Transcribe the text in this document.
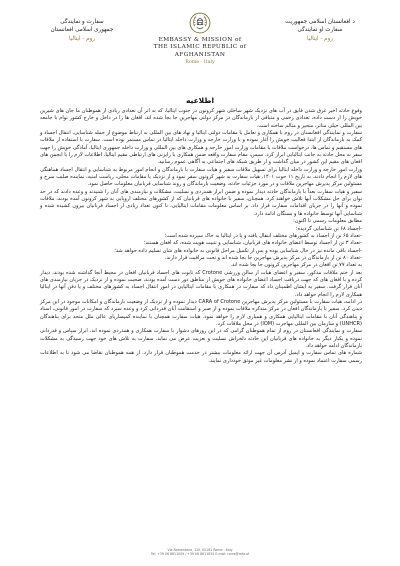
سفارت و نمایندگی
جمهوری اسلامی افغانستان
روم - ایتالیا	EMBASSY & MISSION of
THE ISLAMIC REPUBLIC of AFGHANISTAN
Rome - Italy
د افغانستان اسلامی جمهوریت
سفارت او نمایندگی
روم - ایتالیا
اطلاعیه

وقوع حادثه اخیر غرق شدن قایق در آب های نزدیک شهر ساحلی شهر کروتون در جنوب ایتالیا، که به اثر آن تعدادی زیادی از هموطنان ما جان های شیرین خویش را از دست داده، تعدادی زخمی و مثباقی از بازماندگان در مرکز دولتی مهاجرین جا بجا شده اند، افغان ها را در داخل و خارج کشور توام با جامعه بین المللی خیلی متاثر، متحیر و متالم ساخته است.

سفارت و نمایندگی افغانستان در روم با همکاری و تعامل با مقامات دولتی ایتالیا و نهاد های بین المللی به ارتباط موضوع از جمله شناسایی، انتقال اجساد و کمک به بازماندگان از ابتدا فعالیت خویش را آغاز نموده و با وزارت خارجه و وزارت داخله ایتالیا در تماس مستمر بوده است. سفارت با استفاده از ملاقات های مستقیم و تماس ها، درخواست ملاقات با مقامات وزارت امور خارجه و همکاری های بین المللی و وزارت داخله جمهوری ایتالیا، آمادگی خویش را جهت سفر به محل حادثه به جانب ایتالیایی ابراز کرد. سپس، مقام سفارت واقعه ضمن همکاری با رایزنی های ارتباطی مقیم ایتالیا، اطلاعات لازم را با انجمن های افغان های مقیم این کشور در میان گذاشت و از طریق شبکه های اجتماعی به آگاهی عموم رسانید.

وزارت امور خارجه و وزارت داخله ایتالیا برای تسهیل ملاقات سفیر و هیات سفارت با بازماندگان و انجام امور مربوط به شناسایی و انتقال اجساد هماهنگی های لازم را انجام دادند. به تاریخ ۱۱ حوت ۱۴۰۱، هیات سفارت به شهر کروتون سفر نمود و از نزدیک با مقامات محلی، ریاست امنیه، نماینده صلیب سرخ و مسئولین مرکز پذیرش مهاجرین ملاقات و در مورد جزئیات حادثه، وضعیت بازماندگان و روند شناسایی قربانیان معلومات حاصل نمود.

سفیر و هیات سفارت بعداً با بازماندگان حادثه دیدار نموده و ضمن ابراز همدردی و تسلیت، مشکلات و نیازمندی های آنان را شنیدند و وعده دادند که در حد توان برای حل مشکلات آنها تلاش خواهند کرد. همچنان، سفیر با خانواده های قربانیان که از کشورهای مختلف اروپایی به شهر کروتون آمده بودند، ملاقات نموده و آنها را در جریان اقدامات سفارت قرار داد. بر اساس معلومات مقامات ایتالیایی، تا کنون تعداد زیادی از اجساد قربانیان بیرون کشیده شده و شناسایی آنها توسط خانواده ها و بستگان ادامه دارد.

مطابق معلومات رسمی تا اکنون:

-اجساد ۶۸ تن شناسایی گردیده؛

-تعداد ۶۵ تن از اجساد به کشورهای مختلف انتقال یافته و یا در ایتالیا به خاک سپرده شده است؛

-تعداد ۳ تن از اجساد توسط اعضای خانواده های قربانیان، شناسایی و تثبیت هویت شده، که افغان هستند؛

-اجساد باقی مانده نیز در حال شناسایی بوده و پس از تکمیل مراحل قانونی به خانواده های شان تسلیم داده خواهد شد؛

-تعداد ۸۰ تن از بازماندگان در مرکز پذیرش مهاجرین جا بجا شده اند و تحت مراقبت قرار دارند.

به تعداد ۷۷ تن افغان در مرکز مهاجرین کروتون جا بجا شده اند.

بعد از ختم ملاقات مذکور، سفیر و اعضای هیات از سالن ورزشی Crotone که تابوت های اجساد قربانیان افغان در محیط آنجا گذاشته شده بودند، دیدار کرده و با افغان های که جهت دریافت اجساد اعضای خانواده های خویش از مناطق دور دست آمده بودند، صحبت نموده و از نزدیک در جریان نیازمندی های آنان قرار گرفت. سفیر به ایشان اطمینان داد که سفارت در همکاری با مقامات ایتالیایی در امور انتقال اجساد به کشورهای مختلف و یا دفن آنها در ایتالیا همکاری لازم را انجام خواهد داد.

در ادامه، هیات سفارت با مسئولین مرکز پذیرش مهاجرین CARA of Crotone دیدار نموده و از نزدیک از وضعیت بازماندگان و امکانات موجود در این مرکز دیدن کرد. سفیر با بازماندگان افغان در مرکز متذکره ملاقات نموده و از صبر و استقامت آنان قدردانی کرد و وعده سپرد که سفارت در امور قانونی، اسناد و پناهندگی آنان با مقامات ایتالیایی همکاری و همیاری لازم را خواهد نمود. هیات سفارت همچنان با نماینده کمیساریای عالی ملل متحد برای پناهندگان (UNHCR) و سازمان بین المللی مهاجرت (IOM) در محل ملاقات کرد.

سفارت و نمایندگی افغانستان در روم از تمام هموطنان گرامی که در این روزهای دشوار با سفارت همکاری و همدردی نموده اند، ابراز سپاس و قدردانی نموده و یکبار دیگر به خانواده های قربانیان این حادثه دلخراش تسلیت و تعزیت عرض می نماید. سفارت به تلاش های خود جهت رسیدگی به مشکلات بازماندگان ادامه خواهد داد.

شماره های تماس سفارت و ایمیل آدرس آن جهت ارائه معلومات بیشتر در خدمت هموطنان قرار دارد. از همه هموطنان تقاضا می شود تا به اطلاعات رسمی سفارت اعتماد نموده و از نشر معلومات غیر موثق خودداری نمایند.

Via Nomentana, 120, 00161 Rome - Italy
Tel: +39 06 8611009 / +39 06 8611834 E-mail: rome@mfa.af
